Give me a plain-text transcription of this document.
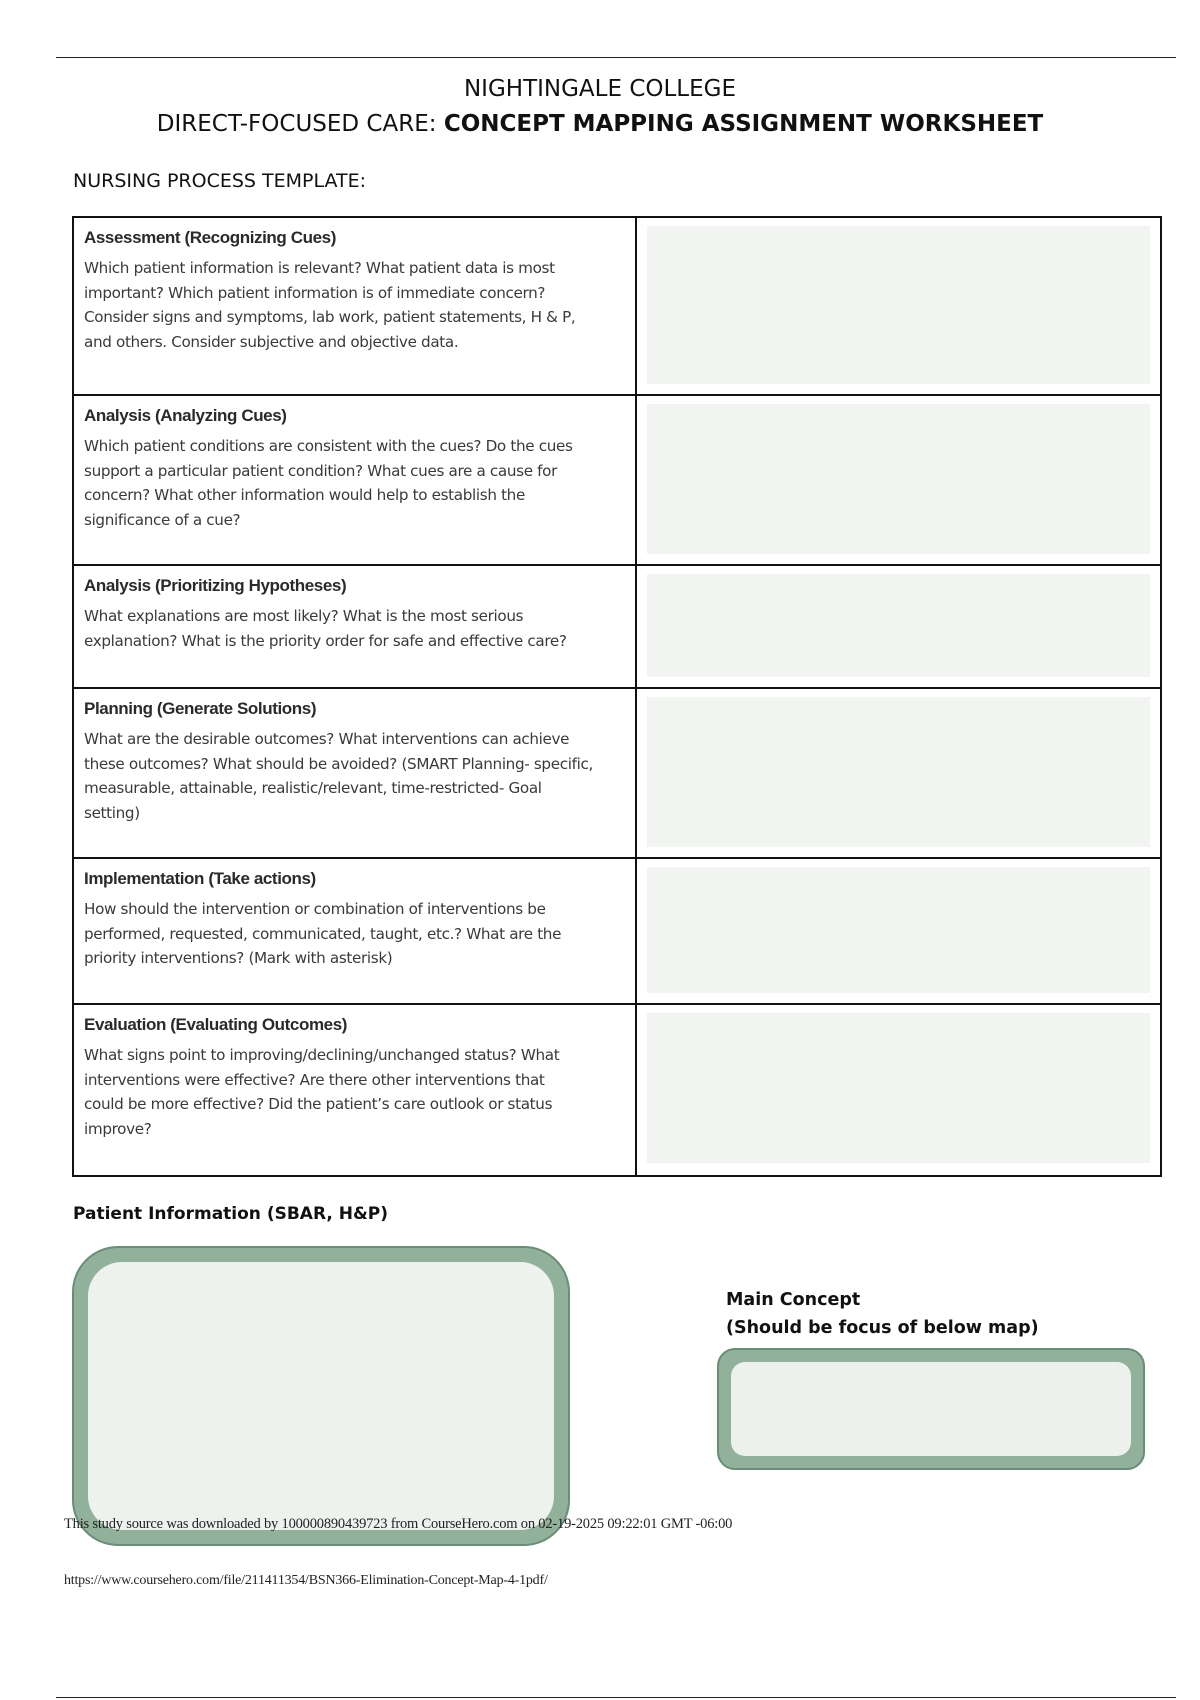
NIGHTINGALE COLLEGE
DIRECT-FOCUSED CARE: CONCEPT MAPPING ASSIGNMENT WORKSHEET
NURSING PROCESS TEMPLATE:
Assessment (Recognizing Cues)
Which patient information is relevant? What patient data is most
important? Which patient information is of immediate concern?
Consider signs and symptoms, lab work, patient statements, H & P,
and others. Consider subjective and objective data.	

Analysis (Analyzing Cues)
Which patient conditions are consistent with the cues? Do the cues
support a particular patient condition? What cues are a cause for
concern? What other information would help to establish the
significance of a cue?	

Analysis (Prioritizing Hypotheses)
What explanations are most likely? What is the most serious
explanation? What is the priority order for safe and effective care?	

Planning (Generate Solutions)
What are the desirable outcomes? What interventions can achieve
these outcomes? What should be avoided? (SMART Planning- specific,
measurable, attainable, realistic/relevant, time-restricted- Goal
setting)	

Implementation (Take actions)
How should the intervention or combination of interventions be
performed, requested, communicated, taught, etc.? What are the
priority interventions? (Mark with asterisk)	

Evaluation (Evaluating Outcomes)
What signs point to improving/declining/unchanged status? What
interventions were effective? Are there other interventions that
could be more effective? Did the patient’s care outlook or status
improve?	

Patient Information (SBAR, H&P)
Main Concept
(Should be focus of below map)
This study source was downloaded by 100000890439723 from CourseHero.com on 02-19-2025 09:22:01 GMT -06:00
https://www.coursehero.com/file/211411354/BSN366-Elimination-Concept-Map-4-1pdf/
